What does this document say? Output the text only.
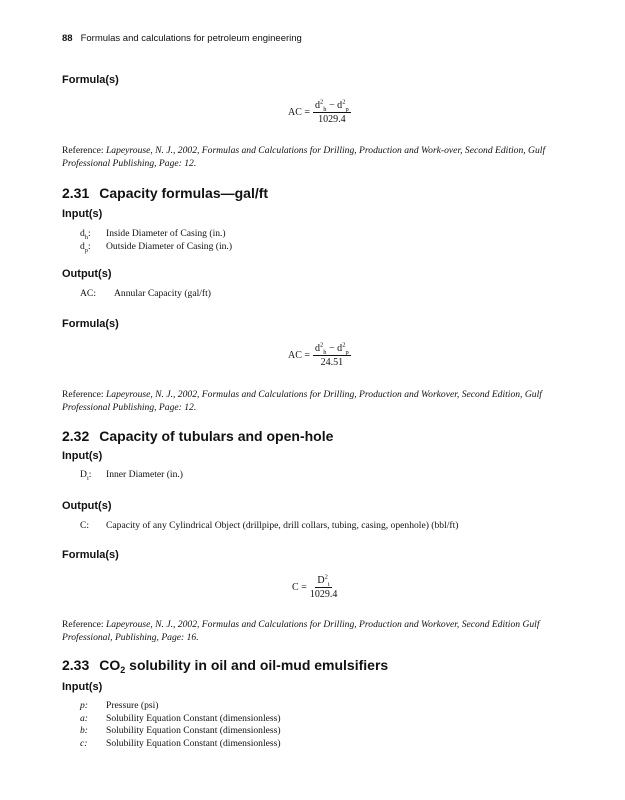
88 Formulas and calculations for petroleum engineering
Formula(s)
AC = $\frac{d^2_h - d^2_p}{1029.4}$
Reference: Lapeyrouse, N. J., 2002, Formulas and Calculations for Drilling, Production and Work-over, Second Edition, Gulf Professional Publishing, Page: 12.
2.31 Capacity formulas—gal/ft
Input(s)
$d_h$:	Inside Diameter of Casing (in.)
$d_p$:	Outside Diameter of Casing (in.)
Output(s)
AC:	Annular Capacity (gal/ft)
Formula(s)
AC = $\frac{d^2_h - d^2_p}{24.51}$
Reference: Lapeyrouse, N. J., 2002, Formulas and Calculations for Drilling, Production and Workover, Second Edition, Gulf Professional Publishing, Page: 12.
2.32 Capacity of tubulars and open-hole
Input(s)
$D_i$:	Inner Diameter (in.)
Output(s)
C:	Capacity of any Cylindrical Object (drillpipe, drill collars, tubing, casing, openhole) (bbl/ft)
Formula(s)
$C = \frac{D^2_i}{1029.4}$
Reference: Lapeyrouse, N. J., 2002, Formulas and Calculations for Drilling, Production and Workover, Second Edition Gulf Professional, Publishing, Page: 16.
2.33 $CO_2$ solubility in oil and oil-mud emulsifiers
Input(s)
p:	Pressure (psi)
a:	Solubility Equation Constant (dimensionless)
b:	Solubility Equation Constant (dimensionless)
c:	Solubility Equation Constant (dimensionless)
